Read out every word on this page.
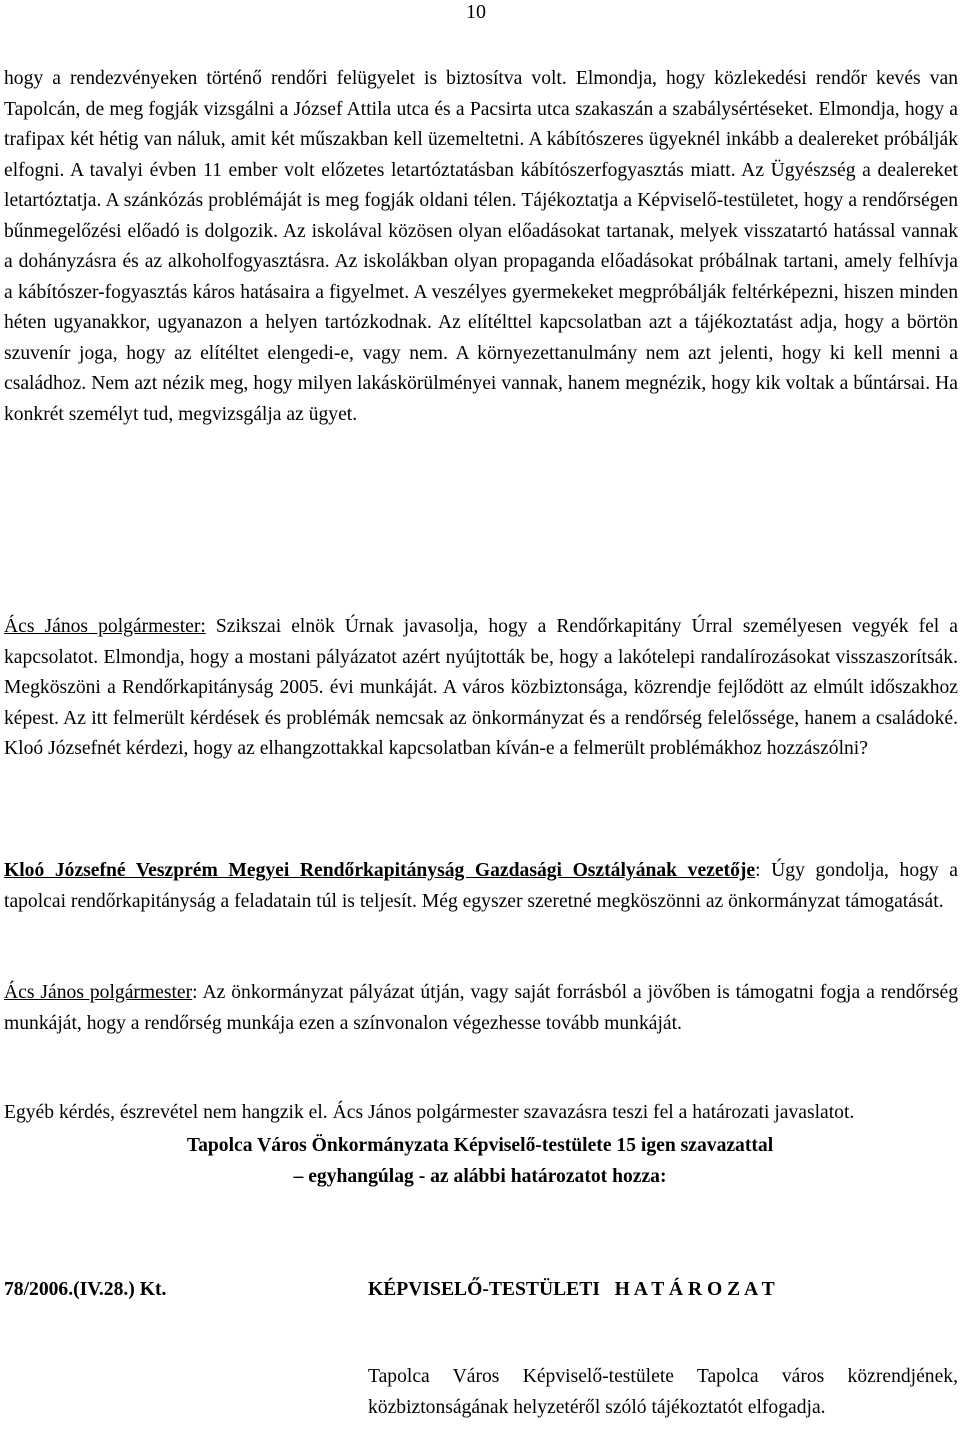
10

hogy a rendezvényeken történő rendőri felügyelet is biztosítva volt. Elmondja, hogy közlekedési rendőr kevés van Tapolcán, de meg fogják vizsgálni a József Attila utca és a Pacsirta utca szakaszán a szabálysértéseket. Elmondja, hogy a trafipax két hétig van náluk, amit két műszakban kell üzemeltetni. A kábítószeres ügyeknél inkább a dealereket próbálják elfogni. A tavalyi évben 11 ember volt előzetes letartóztatásban kábítószerfogyasztás miatt. Az Ügyészség a dealereket letartóztatja. A szánkózás problémáját is meg fogják oldani télen. Tájékoztatja a Képviselő-testületet, hogy a rendőrségen bűnmegelőzési előadó is dolgozik. Az iskolával közösen olyan előadásokat tartanak, melyek visszatartó hatással vannak a dohányzásra és az alkoholfogyasztásra. Az iskolákban olyan propaganda előadásokat próbálnak tartani, amely felhívja a kábítószer-fogyasztás káros hatásaira a figyelmet. A veszélyes gyermekeket megpróbálják feltérképezni, hiszen minden héten ugyanakkor, ugyanazon a helyen tartózkodnak. Az elítélttel kapcsolatban azt a tájékoztatást adja, hogy a börtön szuvenír joga, hogy az elítéltet elengedi-e, vagy nem. A környezettanulmány nem azt jelenti, hogy ki kell menni a családhoz. Nem azt nézik meg, hogy milyen lakáskörülményei vannak, hanem megnézik, hogy kik voltak a bűntársai. Ha konkrét személyt tud, megvizsgálja az ügyet.

Ács János polgármester: Szikszai elnök Úrnak javasolja, hogy a Rendőrkapitány Úrral személyesen vegyék fel a kapcsolatot. Elmondja, hogy a mostani pályázatot azért nyújtották be, hogy a lakótelepi randalírozásokat visszaszorítsák. Megköszöni a Rendőrkapitányság 2005. évi munkáját. A város közbiztonsága, közrendje fejlődött az elmúlt időszakhoz képest. Az itt felmerült kérdések és problémák nemcsak az önkormányzat és a rendőrség felelőssége, hanem a családoké. Kloó Józsefnét kérdezi, hogy az elhangzottakkal kapcsolatban kíván-e a felmerült problémákhoz hozzászólni?

Kloó Józsefné Veszprém Megyei Rendőrkapitányság Gazdasági Osztályának vezetője: Úgy gondolja, hogy a tapolcai rendőrkapitányság a feladatain túl is teljesít. Még egyszer szeretné megköszönni az önkormányzat támogatását.

Ács János polgármester: Az önkormányzat pályázat útján, vagy saját forrásból a jövőben is támogatni fogja a rendőrség munkáját, hogy a rendőrség munkája ezen a színvonalon végezhesse tovább munkáját.

Egyéb kérdés, észrevétel nem hangzik el. Ács János polgármester szavazásra teszi fel a határozati javaslatot.

Tapolca Város Önkormányzata Képviselő-testülete 15 igen szavazattal
– egyhangúlag - az alábbi határozatot hozza:
78/2006.(IV.28.) Kt.	KÉPVISELŐ-TESTÜLETI   H A T Á R O Z A T

Tapolca Város Képviselő-testülete Tapolca város közrendjének, közbiztonságának helyzetéről szóló tájékoztatót elfogadja.
